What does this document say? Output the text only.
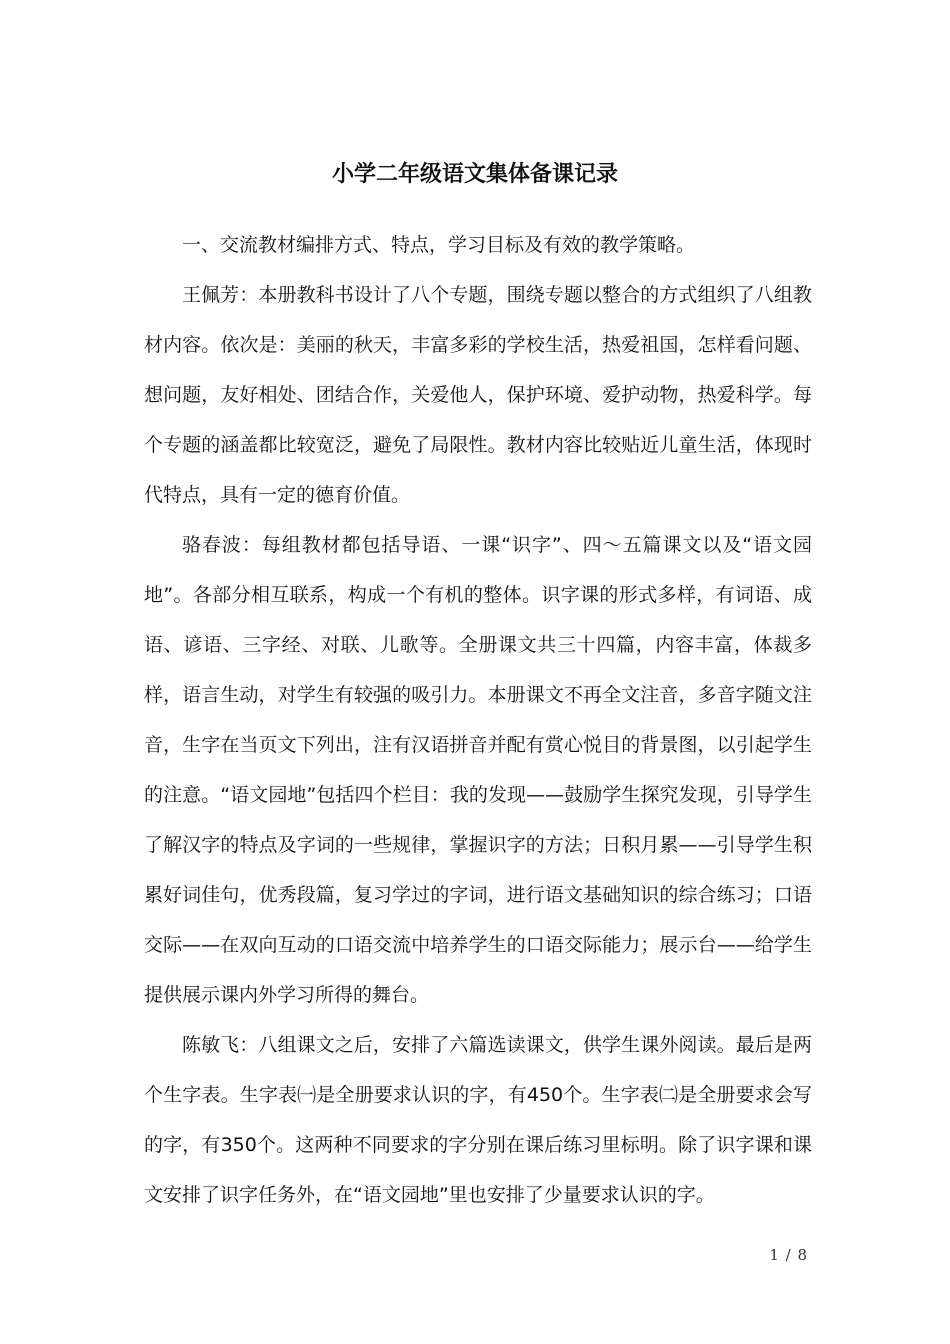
小学二年级语文集体备课记录

一、交流教材编排方式、特点，学习目标及有效的教学策略。

王佩芳：本册教科书设计了八个专题，围绕专题以整合的方式组织了八组教材内容。依次是：美丽的秋天，丰富多彩的学校生活，热爱祖国，怎样看问题、想问题，友好相处、团结合作，关爱他人，保护环境、爱护动物，热爱科学。每个专题的涵盖都比较宽泛，避免了局限性。教材内容比较贴近儿童生活，体现时代特点，具有一定的德育价值。

骆春波：每组教材都包括导语、一课“识字”、四～五篇课文以及“语文园地”。各部分相互联系，构成一个有机的整体。识字课的形式多样，有词语、成语、谚语、三字经、对联、儿歌等。全册课文共三十四篇，内容丰富，体裁多样，语言生动，对学生有较强的吸引力。本册课文不再全文注音，多音字随文注音，生字在当页文下列出，注有汉语拼音并配有赏心悦目的背景图，以引起学生的注意。“语文园地”包括四个栏目：我的发现——鼓励学生探究发现，引导学生了解汉字的特点及字词的一些规律，掌握识字的方法；日积月累——引导学生积累好词佳句，优秀段篇，复习学过的字词，进行语文基础知识的综合练习；口语交际——在双向互动的口语交流中培养学生的口语交际能力；展示台——给学生提供展示课内外学习所得的舞台。

陈敏飞：八组课文之后，安排了六篇选读课文，供学生课外阅读。最后是两个生字表。生字表㈠是全册要求认识的字，有450个。生字表㈡是全册要求会写的字，有350个。这两种不同要求的字分别在课后练习里标明。除了识字课和课文安排了识字任务外，在“语文园地”里也安排了少量要求认识的字。

1 / 8
